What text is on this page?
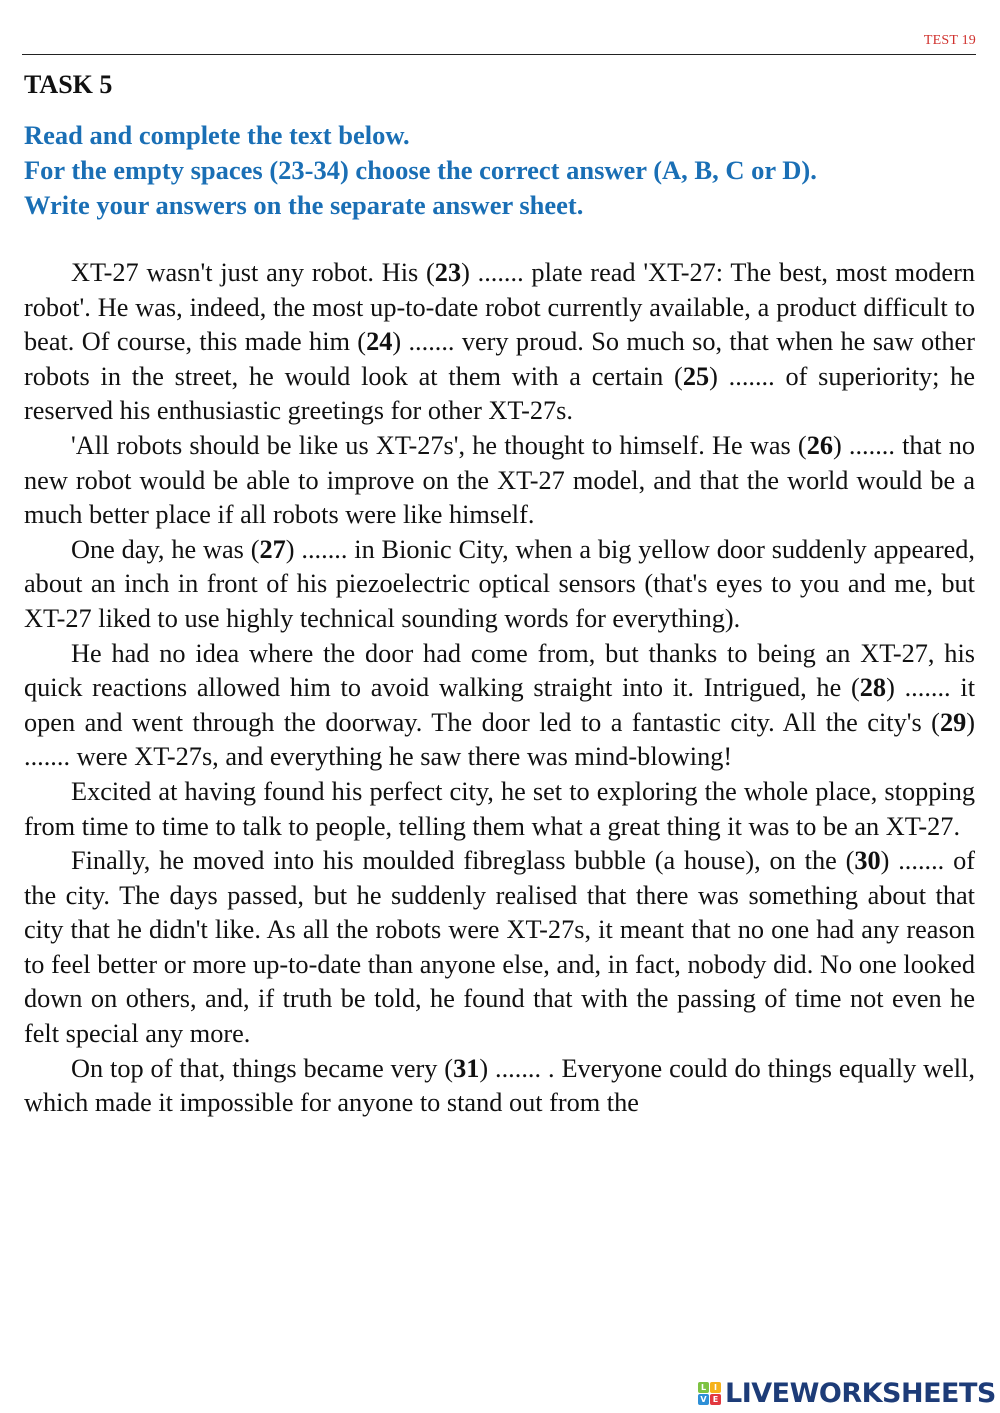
TEST 19
TASK 5
Read and complete the text below.
For the empty spaces (23-34) choose the correct answer (A, B, C or D).
Write your answers on the separate answer sheet.

XT-27 wasn't just any robot. His (23) ....... plate read 'XT-27: The best, most modern robot'. He was, indeed, the most up-to-date robot currently available, a product difficult to beat. Of course, this made him (24) ....... very proud. So much so, that when he saw other robots in the street, he would look at them with a certain (25) ....... of superiority; he reserved his enthusiastic greetings for other XT-27s.

'All robots should be like us XT-27s', he thought to himself. He was (26) ....... that no new robot would be able to improve on the XT-27 model, and that the world would be a much better place if all robots were like himself.

One day, he was (27) ....... in Bionic City, when a big yellow door suddenly appeared, about an inch in front of his piezoelectric optical sensors (that's eyes to you and me, but XT-27 liked to use highly technical sounding words for everything).

He had no idea where the door had come from, but thanks to being an XT-27, his quick reactions allowed him to avoid walking straight into it. Intrigued, he (28) ....... it open and went through the doorway. The door led to a fantastic city. All the city's (29) ....... were XT-27s, and everything he saw there was mind-blowing!

Excited at having found his perfect city, he set to exploring the whole place, stopping from time to time to talk to people, telling them what a great thing it was to be an XT-27.

Finally, he moved into his moulded fibreglass bubble (a house), on the (30) ....... of the city. The days passed, but he suddenly realised that there was something about that city that he didn't like. As all the robots were XT-27s, it meant that no one had any reason to feel better or more up-to-date than anyone else, and, in fact, nobody did. No one looked down on others, and, if truth be told, he found that with the passing of time not even he felt special any more.

On top of that, things became very (31) ....... . Everyone could do things equally well, which made it impossible for anyone to stand out from the

L I
V E LIVEWORKSHEETS
